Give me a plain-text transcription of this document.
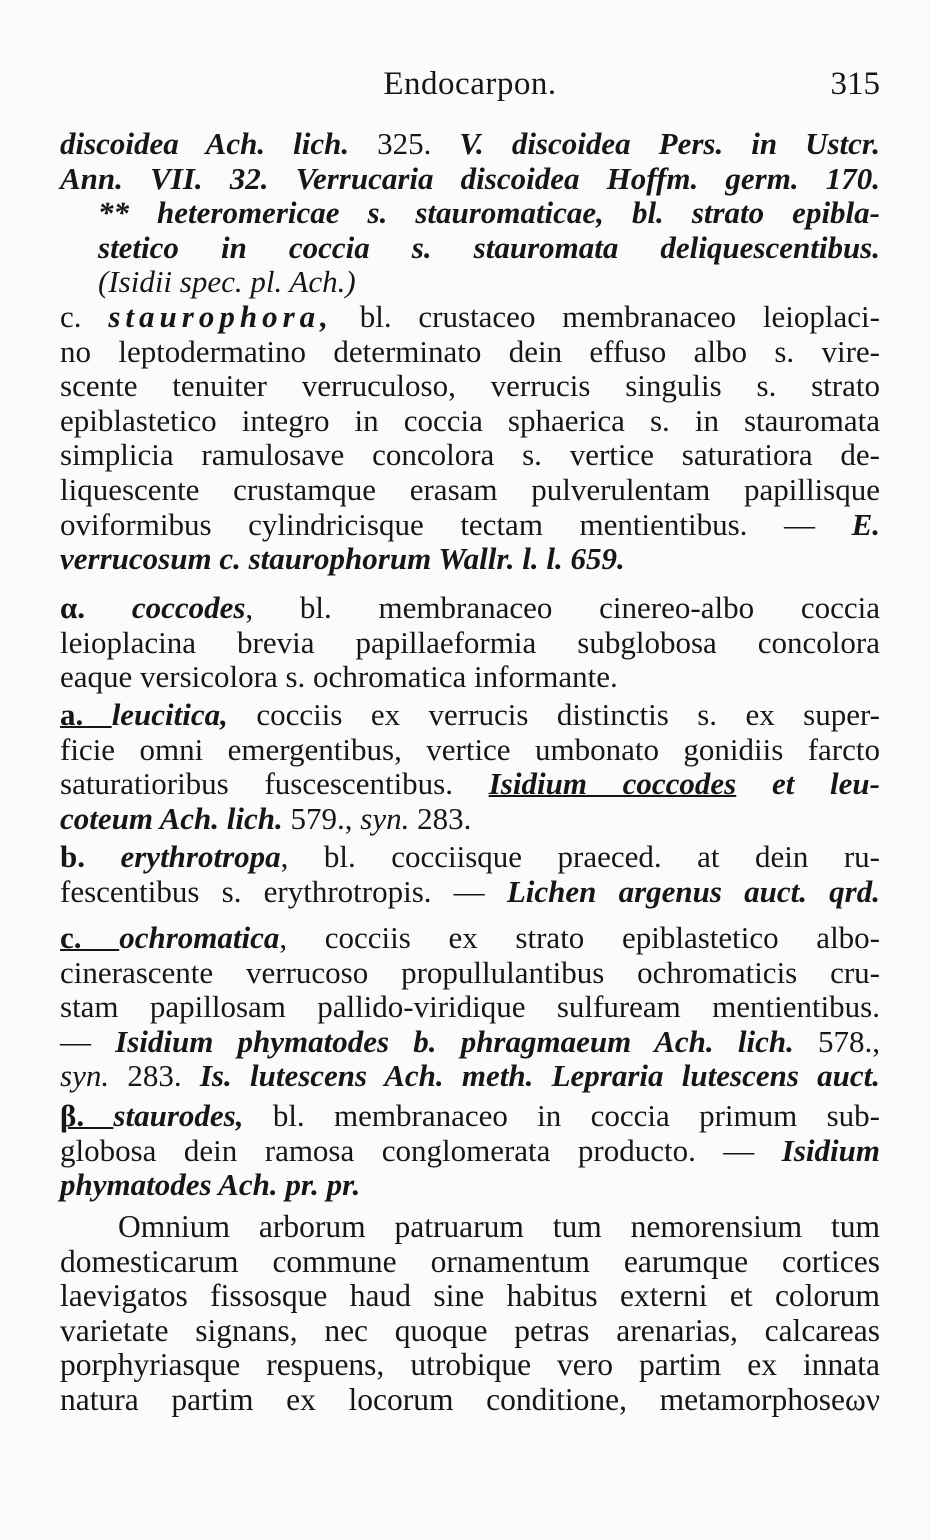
Endocarpon.	315
discoidea Ach. lich. 325. V. discoidea Pers. in Ustcr.
Ann. VII. 32. Verrucaria discoidea Hoffm. germ. 170.
** heteromericae s. stauromaticae, bl. strato epibla-
stetico in coccia s. stauromata deliquescentibus.
(Isidii spec. pl. Ach.)
c. staurophora, bl. crustaceo membranaceo leioplaci-
no leptodermatino determinato dein effuso albo s. vire-
scente tenuiter verruculoso, verrucis singulis s. strato
epiblastetico integro in coccia sphaerica s. in stauromata
simplicia ramulosave concolora s. vertice saturatiora de-
liquescente crustamque erasam pulverulentam papillisque
oviformibus cylindricisque tectam mentientibus. — E.
verrucosum c. staurophorum Wallr. l. l. 659.
α. coccodes, bl. membranaceo cinereo-albo coccia
leioplacina brevia papillaeformia subglobosa concolora
eaque versicolora s. ochromatica informante.
a. leucitica, cocciis ex verrucis distinctis s. ex super-
ficie omni emergentibus, vertice umbonato gonidiis farcto
saturatioribus fuscescentibus. Isidium coccodes et leu-
coteum Ach. lich. 579., syn. 283.
b. erythrotropa, bl. cocciisque praeced. at dein ru-
fescentibus s. erythrotropis. — Lichen argenus auct. qrd.
c. ochromatica, cocciis ex strato epiblastetico albo-
cinerascente verrucoso propullulantibus ochromaticis cru-
stam papillosam pallido-viridique sulfuream mentientibus.
— Isidium phymatodes b. phragmaeum Ach. lich. 578.,
syn. 283. Is. lutescens Ach. meth. Lepraria lutescens auct.
β. staurodes, bl. membranaceo in coccia primum sub-
globosa dein ramosa conglomerata producto. — Isidium
phymatodes Ach. pr. pr.
Omnium arborum patruarum tum nemorensium tum
domesticarum commune ornamentum earumque cortices
laevigatos fissosque haud sine habitus externi et colorum
varietate signans, nec quoque petras arenarias, calcareas
porphyriasque respuens, utrobique vero partim ex innata
natura partim ex locorum conditione, metamorphoseων
